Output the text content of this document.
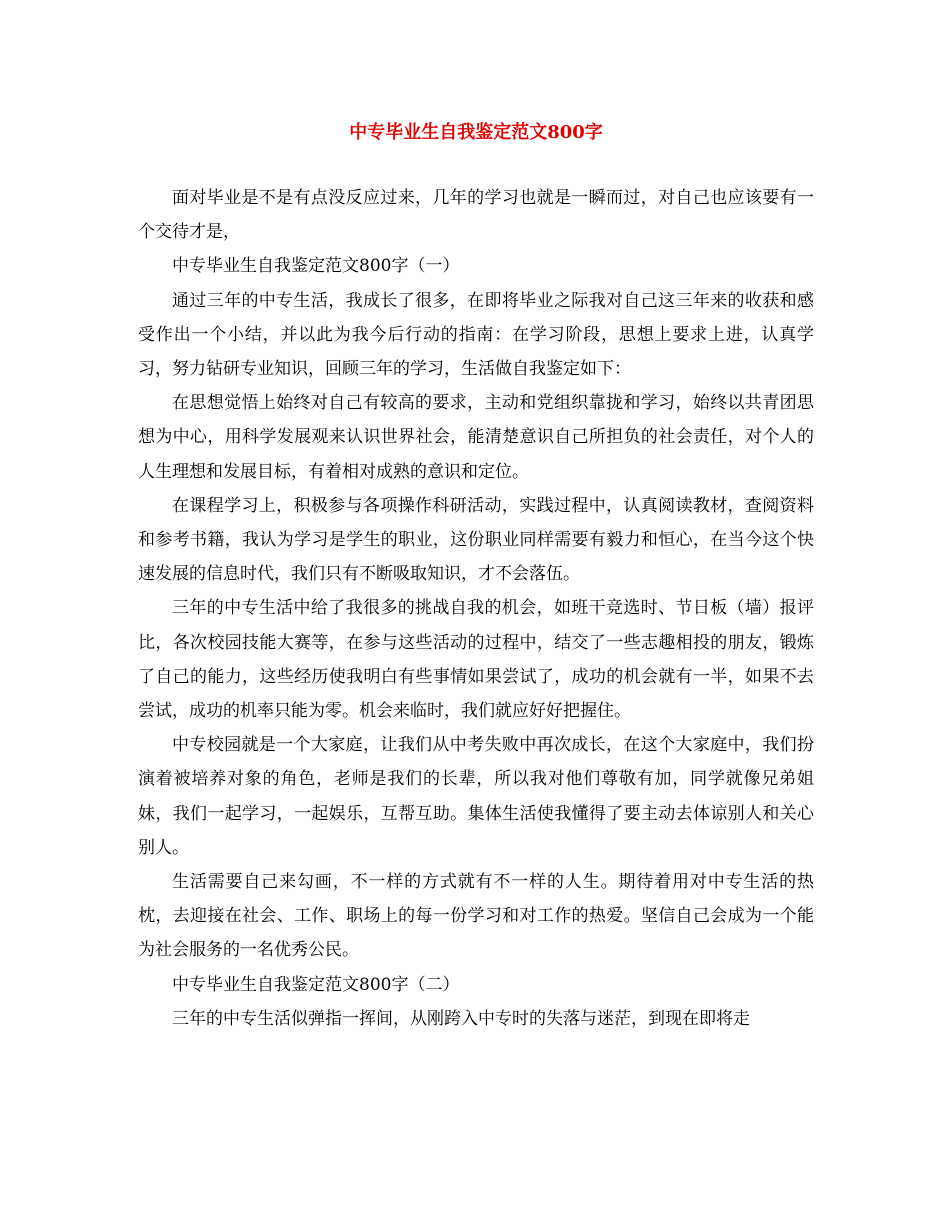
中专毕业生自我鉴定范文800字

面对毕业是不是有点没反应过来，几年的学习也就是一瞬而过，对自己也应该要有一个交待才是，

中专毕业生自我鉴定范文800字（一）

通过三年的中专生活，我成长了很多，在即将毕业之际我对自己这三年来的收获和感受作出一个小结，并以此为我今后行动的指南：在学习阶段，思想上要求上进，认真学习，努力钻研专业知识，回顾三年的学习，生活做自我鉴定如下：

在思想觉悟上始终对自己有较高的要求，主动和党组织靠拢和学习，始终以共青团思想为中心，用科学发展观来认识世界社会，能清楚意识自己所担负的社会责任，对个人的人生理想和发展目标，有着相对成熟的意识和定位。

在课程学习上，积极参与各项操作科研活动，实践过程中，认真阅读教材，查阅资料和参考书籍，我认为学习是学生的职业，这份职业同样需要有毅力和恒心，在当今这个快速发展的信息时代，我们只有不断吸取知识，才不会落伍。

三年的中专生活中给了我很多的挑战自我的机会，如班干竞选时、节日板（墙）报评比，各次校园技能大赛等，在参与这些活动的过程中，结交了一些志趣相投的朋友，锻炼了自己的能力，这些经历使我明白有些事情如果尝试了，成功的机会就有一半，如果不去尝试，成功的机率只能为零。机会来临时，我们就应好好把握住。

中专校园就是一个大家庭，让我们从中考失败中再次成长，在这个大家庭中，我们扮演着被培养对象的角色，老师是我们的长辈，所以我对他们尊敬有加，同学就像兄弟姐妹，我们一起学习，一起娱乐，互帮互助。集体生活使我懂得了要主动去体谅别人和关心别人。

生活需要自己来勾画，不一样的方式就有不一样的人生。期待着用对中专生活的热枕，去迎接在社会、工作、职场上的每一份学习和对工作的热爱。坚信自己会成为一个能为社会服务的一名优秀公民。

中专毕业生自我鉴定范文800字（二）

三年的中专生活似弹指一挥间，从刚跨入中专时的失落与迷茫，到现在即将走
